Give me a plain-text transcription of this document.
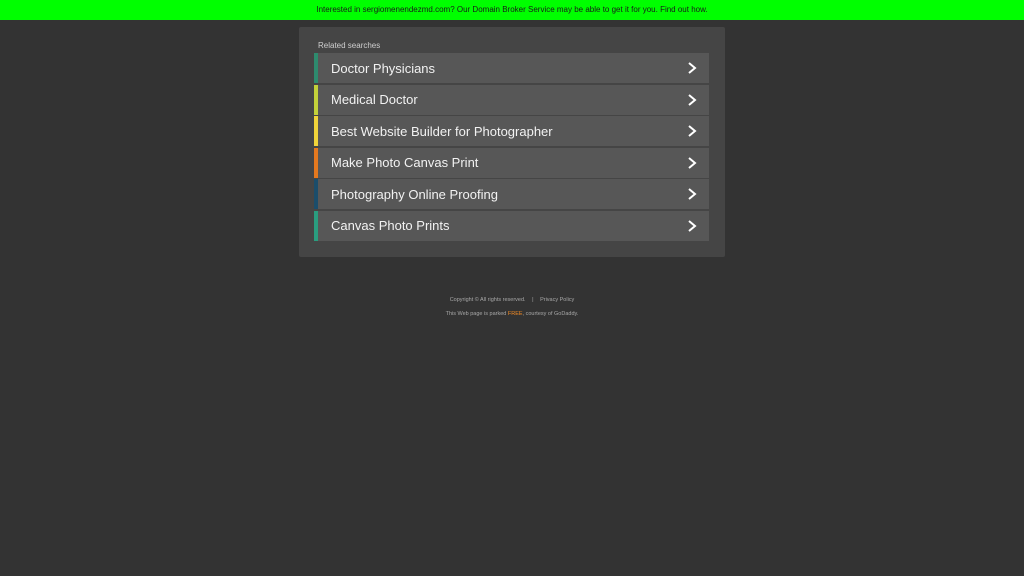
Interested in sergiomenendezmd.com? Our Domain Broker Service may be able to get it for you. Find out how.
Related searches
Doctor Physicians
Medical Doctor
Best Website Builder for Photographer
Make Photo Canvas Print
Photography Online Proofing
Canvas Photo Prints
Copyright © All rights reserved. | Privacy Policy
This Web page is parked FREE, courtesy of GoDaddy.
